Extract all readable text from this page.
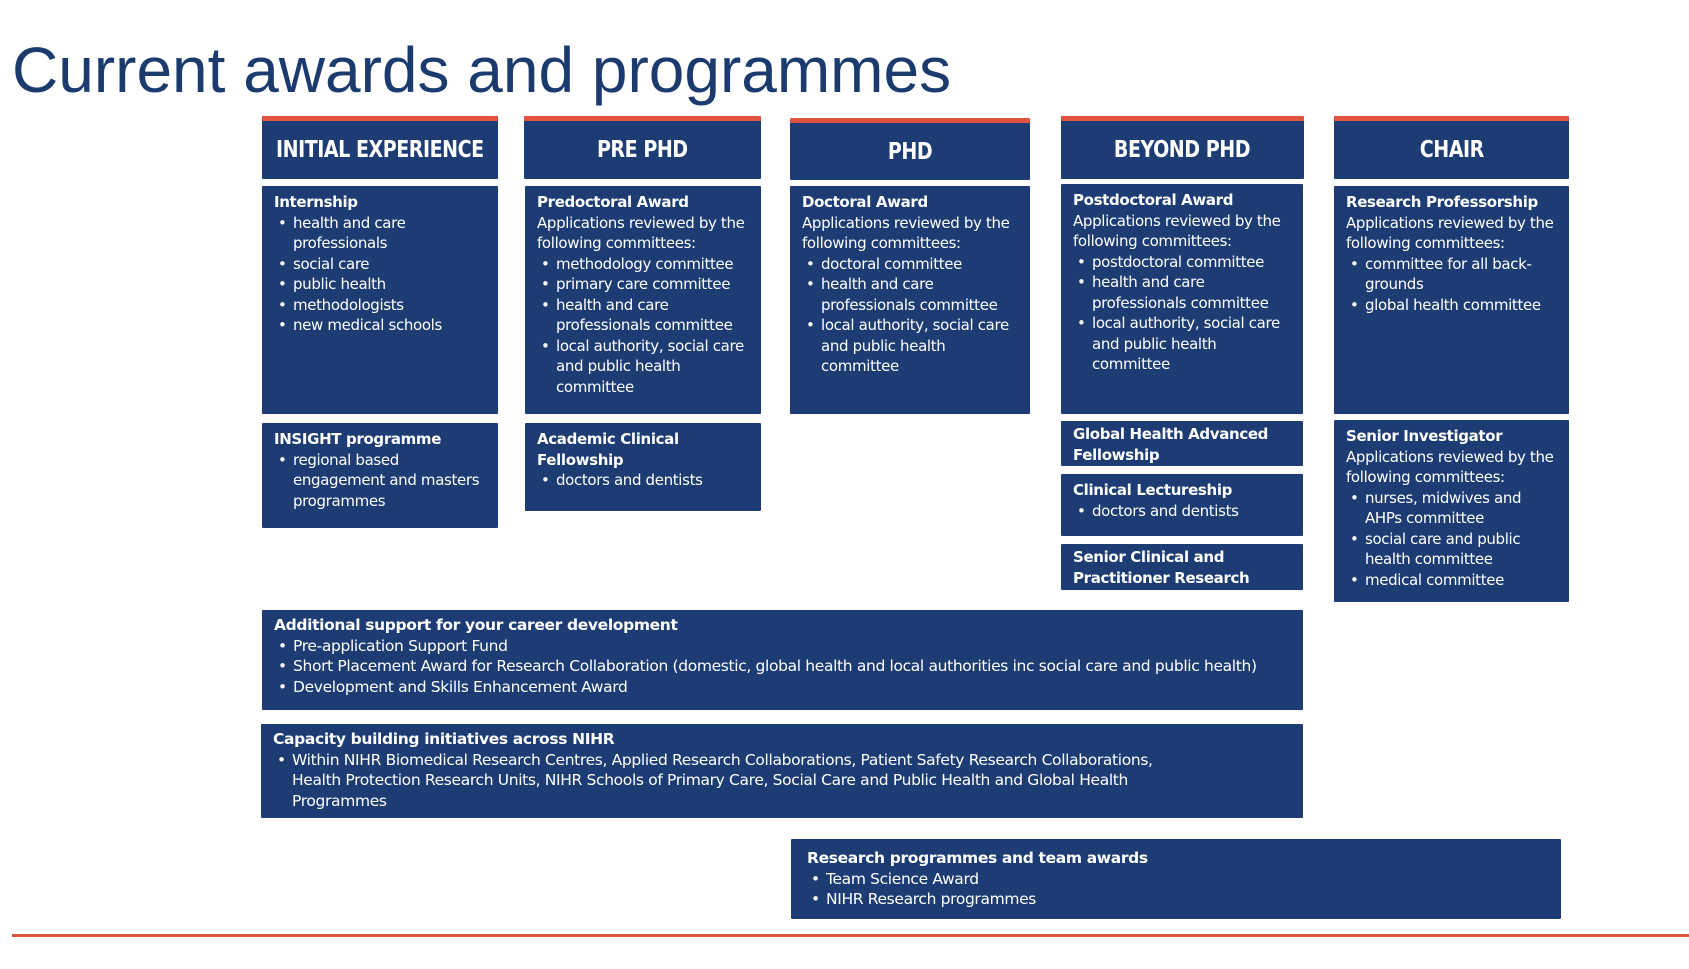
Current awards and programmes
INITIAL EXPERIENCE	PRE PHD	PHD	BEYOND PHD	CHAIR
Internship
• health and care professionals
• social care
• public health
• methodologists
• new medical schools
INSIGHT programme
• regional based engagement and masters programmes
Predoctoral Award
Applications reviewed by the following committees:
• methodology committee
• primary care committee
• health and care professionals committee
• local authority, social care and public health committee
Academic Clinical Fellowship
• doctors and dentists
Doctoral Award
Applications reviewed by the following committees:
• doctoral committee
• health and care professionals committee
• local authority, social care and public health committee
Postdoctoral Award
Applications reviewed by the following committees:
• postdoctoral committee
• health and care professionals committee
• local authority, social care and public health committee
Global Health Advanced Fellowship
Clinical Lectureship
• doctors and dentists
Senior Clinical and Practitioner Research Award
Research Professorship
Applications reviewed by the following committees:
• committee for all back-grounds
• global health committee
Senior Investigator
Applications reviewed by the following committees:
• nurses, midwives and AHPs committee
• social care and public health committee
• medical committee
Additional support for your career development
• Pre-application Support Fund
• Short Placement Award for Research Collaboration (domestic, global health and local authorities inc social care and public health)
• Development and Skills Enhancement Award
Capacity building initiatives across NIHR
• Within NIHR Biomedical Research Centres, Applied Research Collaborations, Patient Safety Research Collaborations, Health Protection Research Units, NIHR Schools of Primary Care, Social Care and Public Health and Global Health Programmes
Research programmes and team awards
• Team Science Award
• NIHR Research programmes
